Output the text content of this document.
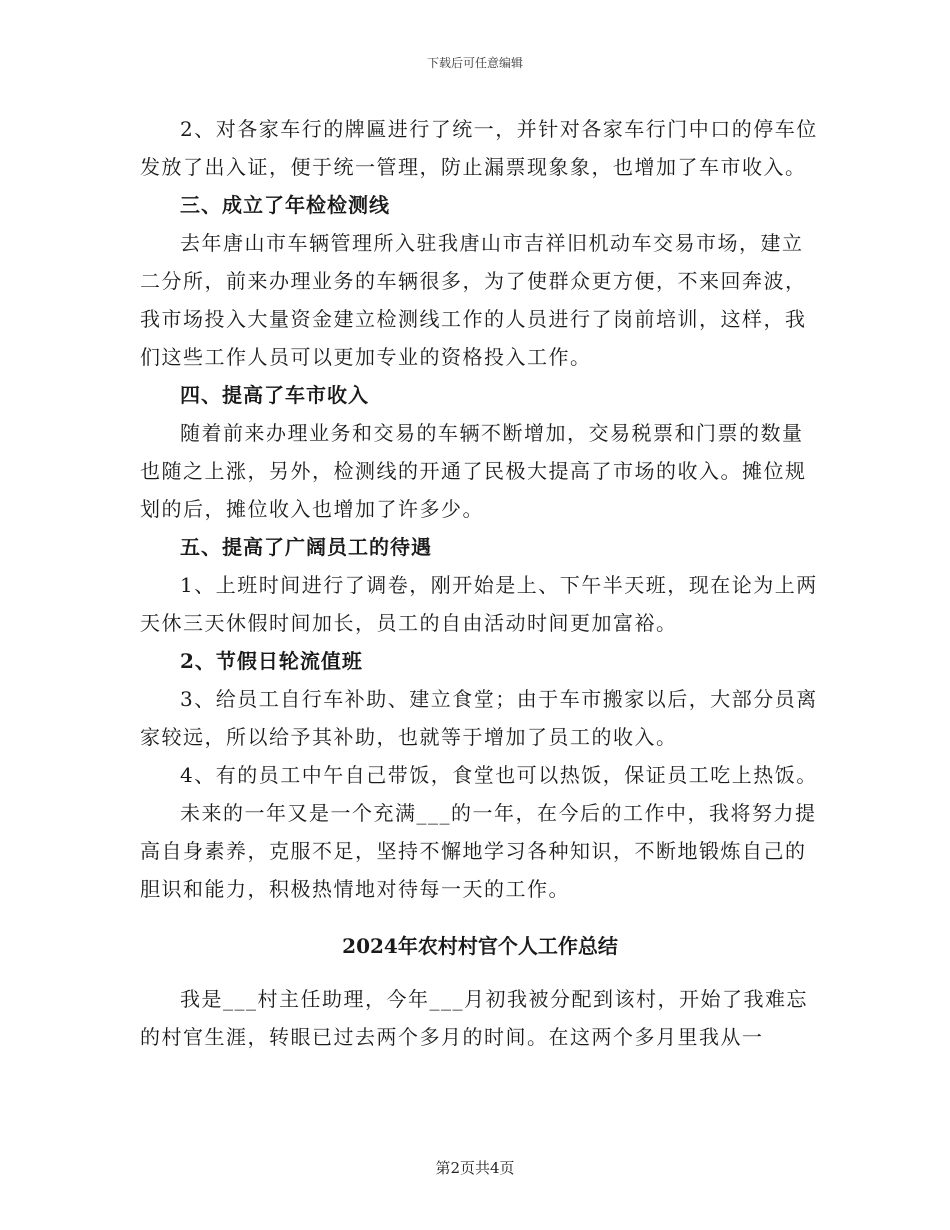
下载后可任意编辑

2、对各家车行的牌匾进行了统一，并针对各家车行门中口的停车位发放了出入证，便于统一管理，防止漏票现象象，也增加了车市收入。

三、成立了年检检测线

去年唐山市车辆管理所入驻我唐山市吉祥旧机动车交易市场，建立二分所，前来办理业务的车辆很多，为了使群众更方便，不来回奔波，我市场投入大量资金建立检测线工作的人员进行了岗前培训，这样，我们这些工作人员可以更加专业的资格投入工作。

四、提高了车市收入

随着前来办理业务和交易的车辆不断增加，交易税票和门票的数量也随之上涨，另外，检测线的开通了民极大提高了市场的收入。摊位规划的后，摊位收入也增加了许多少。

五、提高了广阔员工的待遇

1、上班时间进行了调卷，刚开始是上、下午半天班，现在论为上两天休三天休假时间加长，员工的自由活动时间更加富裕。

2、节假日轮流值班

3、给员工自行车补助、建立食堂；由于车市搬家以后，大部分员离家较远，所以给予其补助，也就等于增加了员工的收入。

4、有的员工中午自己带饭，食堂也可以热饭，保证员工吃上热饭。

未来的一年又是一个充满___的一年，在今后的工作中，我将努力提高自身素养，克服不足，坚持不懈地学习各种知识，不断地锻炼自己的胆识和能力，积极热情地对待每一天的工作。

2024年农村村官个人工作总结

我是___村主任助理，今年___月初我被分配到该村，开始了我难忘的村官生涯，转眼已过去两个多月的时间。在这两个多月里我从一

第2页共4页
